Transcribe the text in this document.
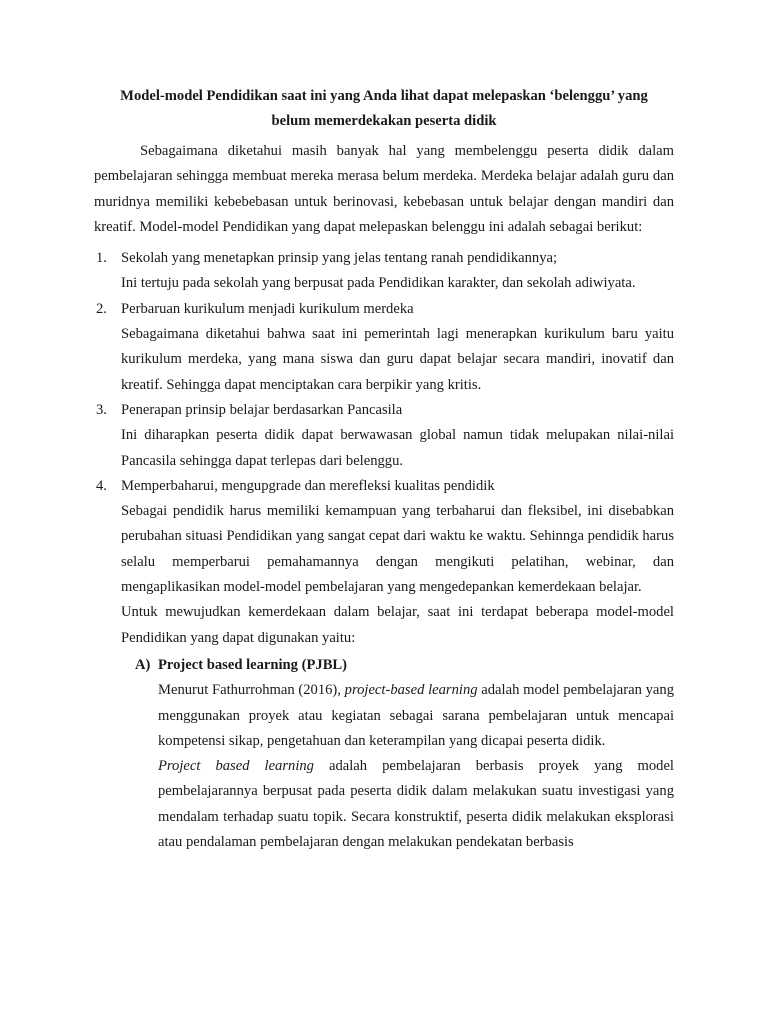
Model-model Pendidikan saat ini yang Anda lihat dapat melepaskan ‘belenggu’ yang
belum memerdekakan peserta didik

Sebagaimana diketahui masih banyak hal yang membelenggu peserta didik dalam pembelajaran sehingga membuat mereka merasa belum merdeka. Merdeka belajar adalah guru dan muridnya memiliki kebebebasan untuk berinovasi, kebebasan untuk belajar dengan mandiri dan kreatif. Model-model Pendidikan yang dapat melepaskan belenggu ini adalah sebagai berikut:

1. Sekolah yang menetapkan prinsip yang jelas tentang ranah pendidikannya;
Ini tertuju pada sekolah yang berpusat pada Pendidikan karakter, dan sekolah adiwiyata.
2. Perbaruan kurikulum menjadi kurikulum merdeka
Sebagaimana diketahui bahwa saat ini pemerintah lagi menerapkan kurikulum baru yaitu kurikulum merdeka, yang mana siswa dan guru dapat belajar secara mandiri, inovatif dan kreatif. Sehingga dapat menciptakan cara berpikir yang kritis.
3. Penerapan prinsip belajar berdasarkan Pancasila
Ini diharapkan peserta didik dapat berwawasan global namun tidak melupakan nilai-nilai Pancasila sehingga dapat terlepas dari belenggu.
4. Memperbaharui, mengupgrade dan merefleksi kualitas pendidik
Sebagai pendidik harus memiliki kemampuan yang terbaharui dan fleksibel, ini disebabkan perubahan situasi Pendidikan yang sangat cepat dari waktu ke waktu. Sehinnga pendidik harus selalu memperbarui pemahamannya dengan mengikuti pelatihan, webinar, dan mengaplikasikan model-model pembelajaran yang mengedepankan kemerdekaan belajar.
Untuk mewujudkan kemerdekaan dalam belajar, saat ini terdapat beberapa model-model Pendidikan yang dapat digunakan yaitu:
A) Project based learning (PJBL)

Menurut Fathurrohman (2016), project-based learning adalah model pembelajaran yang menggunakan proyek atau kegiatan sebagai sarana pembelajaran untuk mencapai kompetensi sikap, pengetahuan dan keterampilan yang dicapai peserta didik.

Project based learning adalah pembelajaran berbasis proyek yang model pembelajarannya berpusat pada peserta didik dalam melakukan suatu investigasi yang mendalam terhadap suatu topik. Secara konstruktif, peserta didik melakukan eksplorasi atau pendalaman pembelajaran dengan melakukan pendekatan berbasis
